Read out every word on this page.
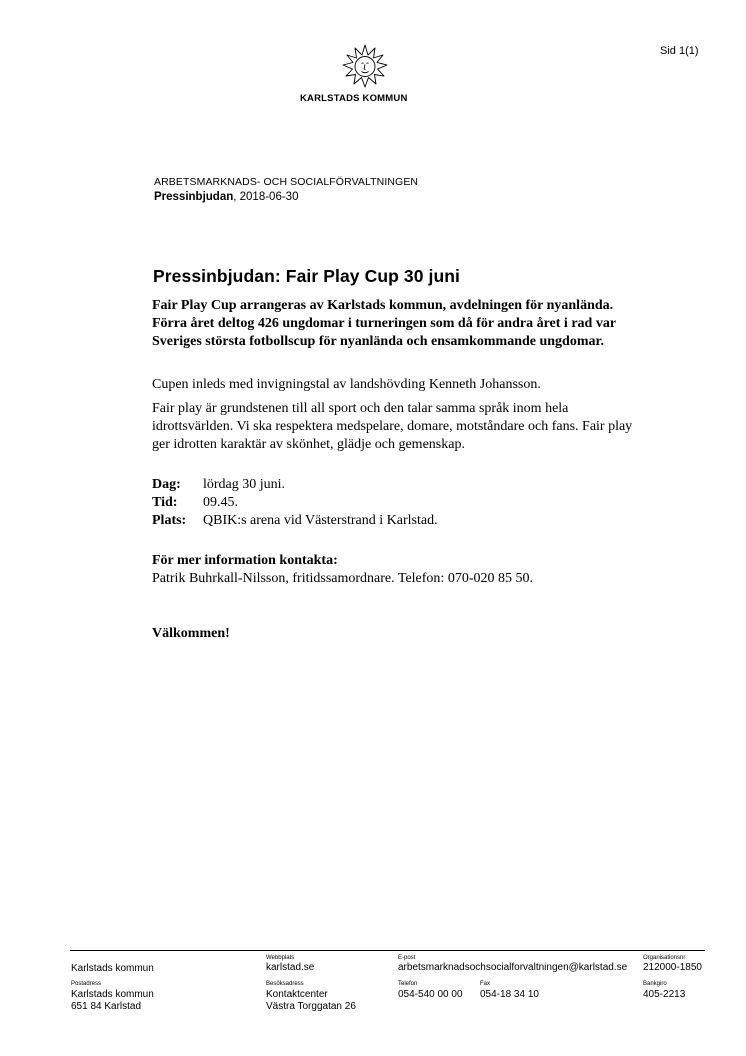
Sid 1(1)
KARLSTADS KOMMUN
ARBETSMARKNADS- OCH SOCIALFÖRVALTNINGEN
Pressinbjudan, 2018-06-30
Pressinbjudan: Fair Play Cup 30 juni
Fair Play Cup arrangeras av Karlstads kommun, avdelningen för nyanlända. Förra året deltog 426 ungdomar i turneringen som då för andra året i rad var Sveriges största fotbollscup för nyanlända och ensamkommande ungdomar.
Cupen inleds med invigningstal av landshövding Kenneth Johansson.
Fair play är grundstenen till all sport och den talar samma språk inom hela idrottsvärlden. Vi ska respektera medspelare, domare, motståndare och fans. Fair play ger idrotten karaktär av skönhet, glädje och gemenskap.
Dag:	lördag 30 juni.
Tid:	09.45.
Plats:	QBIK:s arena vid Västerstrand i Karlstad.
För mer information kontakta:
Patrik Buhrkall-Nilsson, fritidssamordnare. Telefon: 070-020 85 50.
Välkommen!
Karlstads kommun
Webbplats
karlstad.se
E-post
arbetsmarknadsochsocialforvaltningen@karlstad.se
Organisationsnr
212000-1850
Postadress
Karlstads kommun
651 84 Karlstad
Besöksadress
Kontaktcenter
Västra Torggatan 26
Telefon
054-540 00 00
Fax
054-18 34 10
Bankgiro
405-2213
